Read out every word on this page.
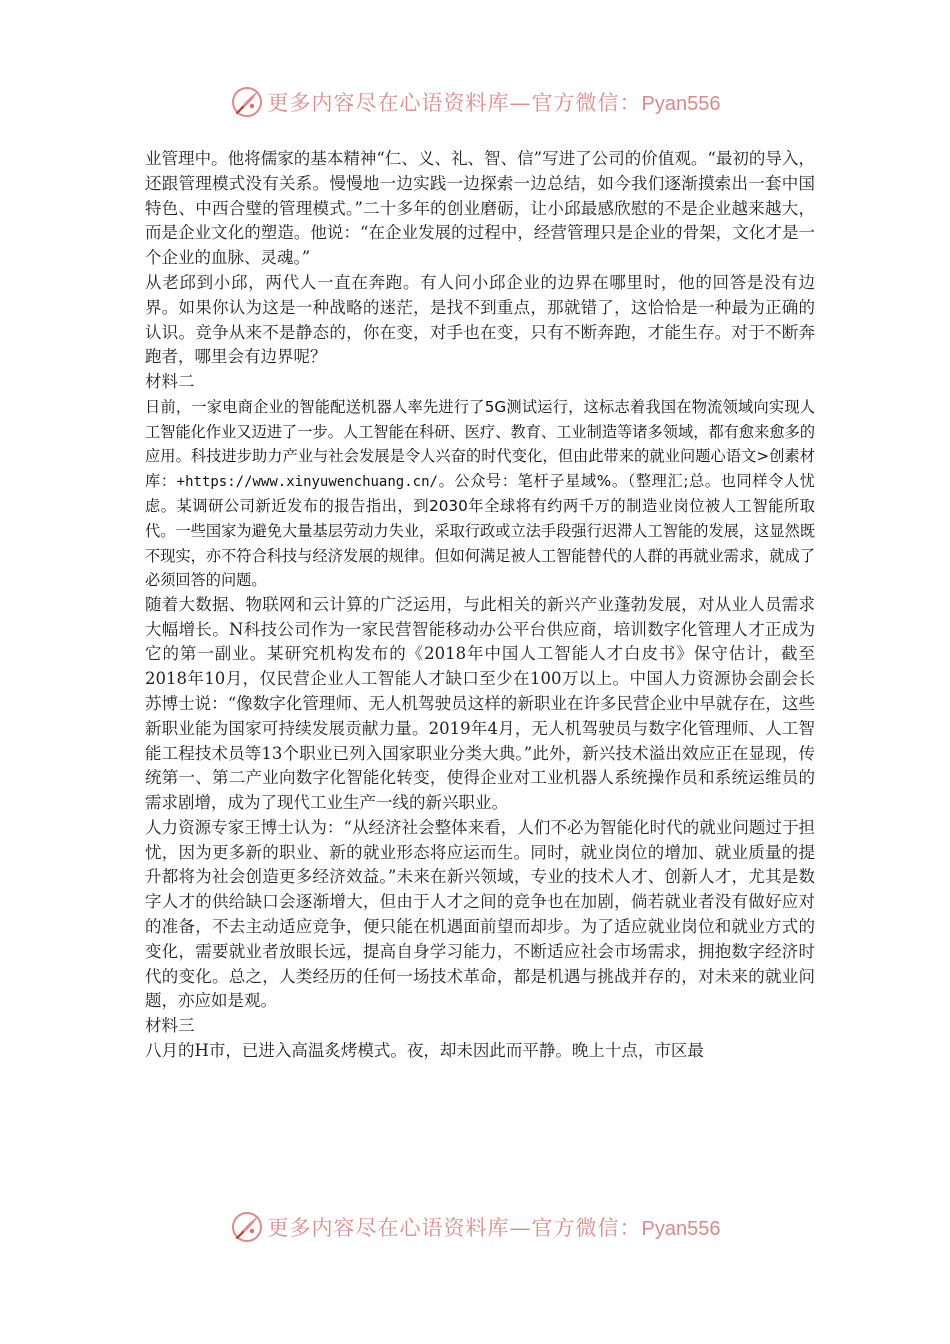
更多内容尽在心语资料库—官方微信：Pyan556

业管理中。他将儒家的基本精神“仁、义、礼、智、信”写进了公司的价值观。“最初的导入，还跟管理模式没有关系。慢慢地一边实践一边探索一边总结，如今我们逐渐摸索出一套中国特色、中西合璧的管理模式。”二十多年的创业磨砺，让小邱最感欣慰的不是企业越来越大，而是企业文化的塑造。他说：“在企业发展的过程中，经营管理只是企业的骨架，文化才是一个企业的血脉、灵魂。”

从老邱到小邱，两代人一直在奔跑。有人问小邱企业的边界在哪里时，他的回答是没有边界。如果你认为这是一种战略的迷茫，是找不到重点，那就错了，这恰恰是一种最为正确的认识。竞争从来不是静态的，你在变，对手也在变，只有不断奔跑，才能生存。对于不断奔跑者，哪里会有边界呢？

材料二

日前，一家电商企业的智能配送机器人率先进行了5G测试运行，这标志着我国在物流领域向实现人工智能化作业又迈进了一步。人工智能在科研、医疗、教育、工业制造等诸多领域，都有愈来愈多的应用。科技进步助力产业与社会发展是令人兴奋的时代变化，但由此带来的就业问题心语文>创素材库：+https://www.xinyuwenchuang.cn/。公众号：笔杆子星域%。（整理汇;总。也同样令人忧虑。某调研公司新近发布的报告指出，到2030年全球将有约两千万的制造业岗位被人工智能所取代。一些国家为避免大量基层劳动力失业，采取行政或立法手段强行迟滞人工智能的发展，这显然既不现实，亦不符合科技与经济发展的规律。但如何满足被人工智能替代的人群的再就业需求，就成了必须回答的问题。

随着大数据、物联网和云计算的广泛运用，与此相关的新兴产业蓬勃发展，对从业人员需求大幅增长。N科技公司作为一家民营智能移动办公平台供应商，培训数字化管理人才正成为它的第一副业。某研究机构发布的《2018年中国人工智能人才白皮书》保守估计，截至2018年10月，仅民营企业人工智能人才缺口至少在100万以上。中国人力资源协会副会长苏博士说：“像数字化管理师、无人机驾驶员这样的新职业在许多民营企业中早就存在，这些新职业能为国家可持续发展贡献力量。2019年4月，无人机驾驶员与数字化管理师、人工智能工程技术员等13个职业已列入国家职业分类大典。”此外，新兴技术溢出效应正在显现，传统第一、第二产业向数字化智能化转变，使得企业对工业机器人系统操作员和系统运维员的需求剧增，成为了现代工业生产一线的新兴职业。

人力资源专家王博士认为：“从经济社会整体来看，人们不必为智能化时代的就业问题过于担忧，因为更多新的职业、新的就业形态将应运而生。同时，就业岗位的增加、就业质量的提升都将为社会创造更多经济效益。”未来在新兴领域，专业的技术人才、创新人才，尤其是数字人才的供给缺口会逐渐增大，但由于人才之间的竞争也在加剧，倘若就业者没有做好应对的准备，不去主动适应竞争，便只能在机遇面前望而却步。为了适应就业岗位和就业方式的变化，需要就业者放眼长远，提高自身学习能力，不断适应社会市场需求，拥抱数字经济时代的变化。总之，人类经历的任何一场技术革命，都是机遇与挑战并存的，对未来的就业问题，亦应如是观。

材料三

八月的H市，已进入高温炙烤模式。夜，却未因此而平静。晚上十点，市区最

更多内容尽在心语资料库—官方微信：Pyan556
